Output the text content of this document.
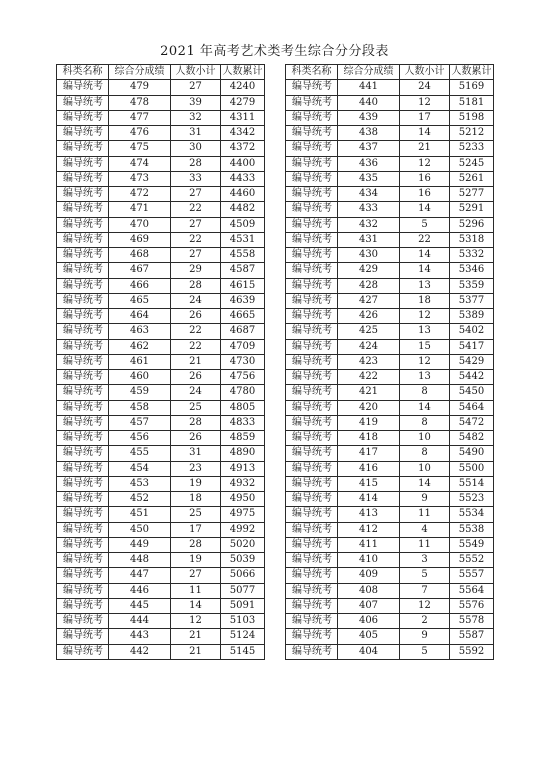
2021 年高考艺术类考生综合分分段表
科类名称	综合分成绩	人数小计	人数累计
编导统考	479	27	4240
编导统考	478	39	4279
编导统考	477	32	4311
编导统考	476	31	4342
编导统考	475	30	4372
编导统考	474	28	4400
编导统考	473	33	4433
编导统考	472	27	4460
编导统考	471	22	4482
编导统考	470	27	4509
编导统考	469	22	4531
编导统考	468	27	4558
编导统考	467	29	4587
编导统考	466	28	4615
编导统考	465	24	4639
编导统考	464	26	4665
编导统考	463	22	4687
编导统考	462	22	4709
编导统考	461	21	4730
编导统考	460	26	4756
编导统考	459	24	4780
编导统考	458	25	4805
编导统考	457	28	4833
编导统考	456	26	4859
编导统考	455	31	4890
编导统考	454	23	4913
编导统考	453	19	4932
编导统考	452	18	4950
编导统考	451	25	4975
编导统考	450	17	4992
编导统考	449	28	5020
编导统考	448	19	5039
编导统考	447	27	5066
编导统考	446	11	5077
编导统考	445	14	5091
编导统考	444	12	5103
编导统考	443	21	5124
编导统考	442	21	5145
科类名称	综合分成绩	人数小计	人数累计
编导统考	441	24	5169
编导统考	440	12	5181
编导统考	439	17	5198
编导统考	438	14	5212
编导统考	437	21	5233
编导统考	436	12	5245
编导统考	435	16	5261
编导统考	434	16	5277
编导统考	433	14	5291
编导统考	432	5	5296
编导统考	431	22	5318
编导统考	430	14	5332
编导统考	429	14	5346
编导统考	428	13	5359
编导统考	427	18	5377
编导统考	426	12	5389
编导统考	425	13	5402
编导统考	424	15	5417
编导统考	423	12	5429
编导统考	422	13	5442
编导统考	421	8	5450
编导统考	420	14	5464
编导统考	419	8	5472
编导统考	418	10	5482
编导统考	417	8	5490
编导统考	416	10	5500
编导统考	415	14	5514
编导统考	414	9	5523
编导统考	413	11	5534
编导统考	412	4	5538
编导统考	411	11	5549
编导统考	410	3	5552
编导统考	409	5	5557
编导统考	408	7	5564
编导统考	407	12	5576
编导统考	406	2	5578
编导统考	405	9	5587
编导统考	404	5	5592
